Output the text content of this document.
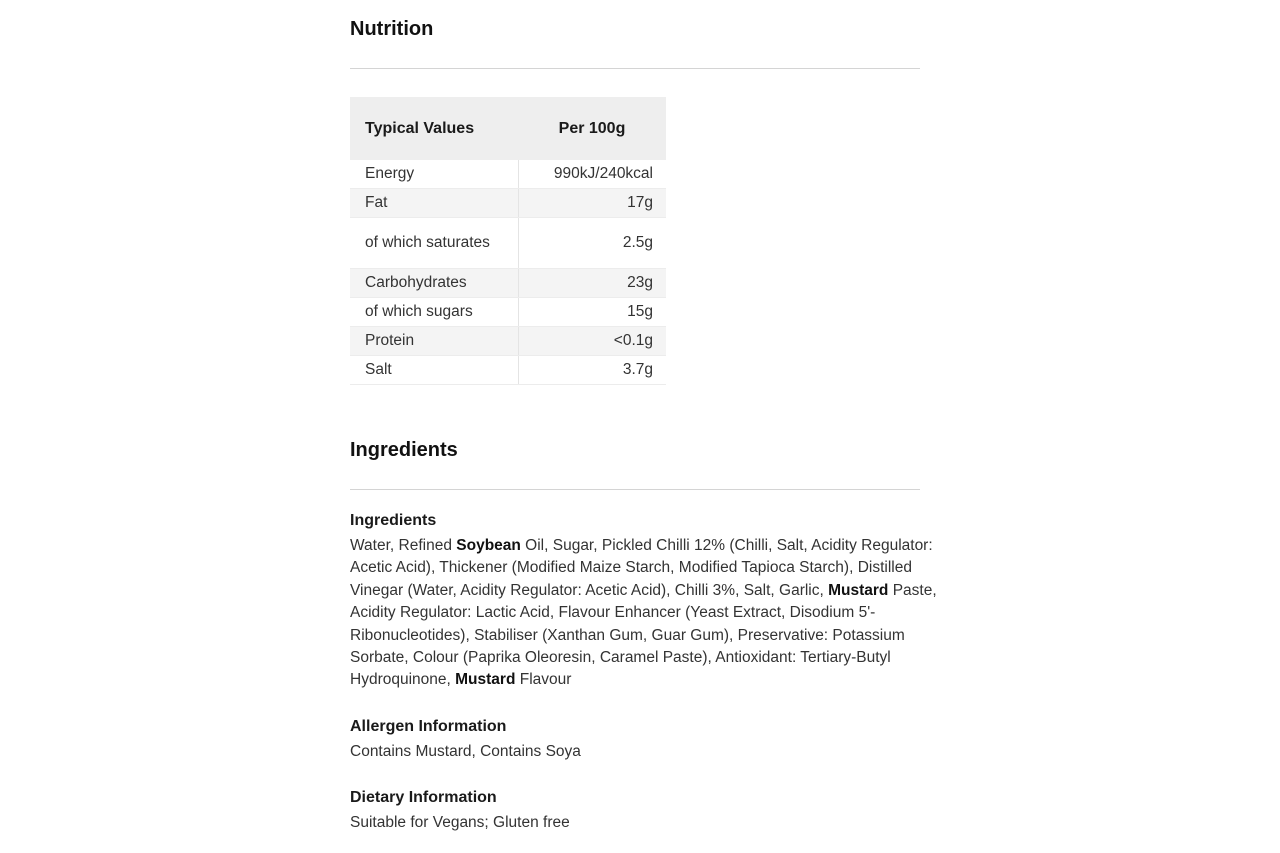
Nutrition
Typical Values	Per 100g
Energy	990kJ/240kcal
Fat	17g
of which saturates	2.5g
Carbohydrates	23g
of which sugars	15g
Protein	<0.1g
Salt	3.7g
Ingredients
Ingredients

Water, Refined Soybean Oil, Sugar, Pickled Chilli 12% (Chilli, Salt, Acidity Regulator: Acetic Acid), Thickener (Modified Maize Starch, Modified Tapioca Starch), Distilled Vinegar (Water, Acidity Regulator: Acetic Acid), Chilli 3%, Salt, Garlic, Mustard Paste, Acidity Regulator: Lactic Acid, Flavour Enhancer (Yeast Extract, Disodium 5'-Ribonucleotides), Stabiliser (Xanthan Gum, Guar Gum), Preservative: Potassium Sorbate, Colour (Paprika Oleoresin, Caramel Paste), Antioxidant: Tertiary-Butyl Hydroquinone, Mustard Flavour

Allergen Information

Contains Mustard, Contains Soya

Dietary Information

Suitable for Vegans; Gluten free
